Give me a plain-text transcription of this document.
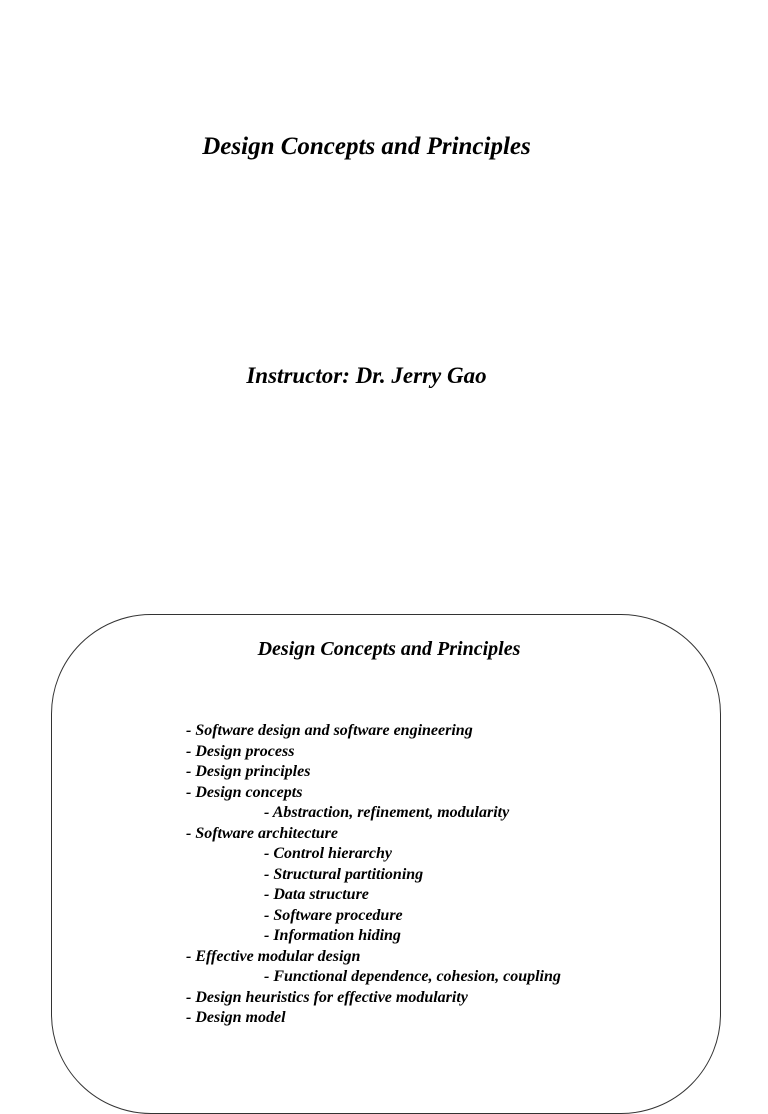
Design Concepts and Principles
Instructor: Dr. Jerry Gao
Design Concepts and Principles
- Software design and software engineering
- Design process
- Design principles
- Design concepts
- Abstraction, refinement, modularity
- Software architecture
- Control hierarchy
- Structural partitioning
- Data structure
- Software procedure
- Information hiding
- Effective modular design
- Functional dependence, cohesion, coupling
- Design heuristics for effective modularity
- Design model
